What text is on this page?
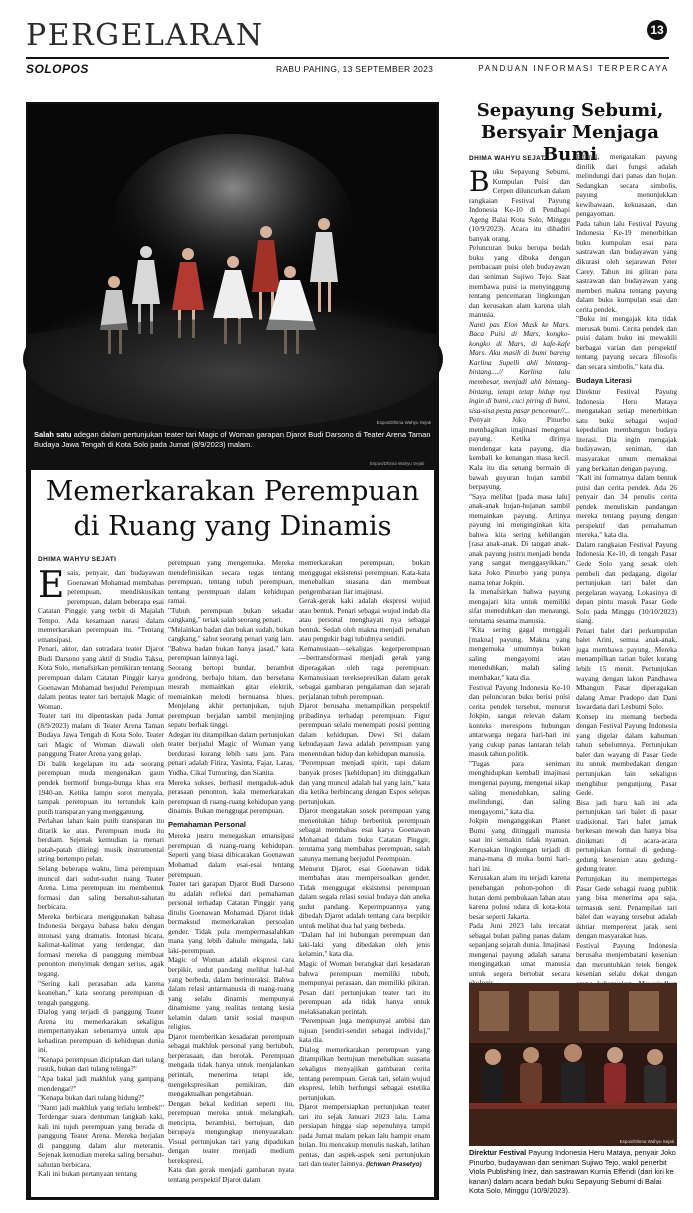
PERGELARAN	13
SOLOPOS	RABU PAHING, 13 SEPTEMBER 2023	PANDUAN INFORMASI TERPERCAYA
Espos/Dhima Wahyu Sejati
Salah satu adegan dalam pertunjukan teater tari Magic of Woman garapan Djarot Budi Darsono di Teater Arena Taman Budaya Jawa Tengah di Kota Solo pada Jumat (8/9/2023) malam.
Espos/Dhima Wahyu Sejati
Memerkarakan Perempuan di Ruang yang Dinamis
DHIMA WAHYU SEJATI

Esais, penyair, dan budayawan Goenawan Mohamad membahas perempuan, mendiskusikan perempuan, dalam beberapa esai Catatan Pinggir yang terbit di Majalah Tempo. Ada kesamaan narasi dalam memerkarakan perempuan itu. "Tentang emansipasi.

Penari, aktor, dan sutradara teater Djarot Budi Darsono yang aktif di Studio Taksu, Kota Solo, menafsirkan pemikiran tentang perempuan dalam Catatan Pinggir karya Goenawan Mohamad berjudul Perempuan dalam pentas teater tari bertajuk Magic of Woman.

Teater tari itu dipentaskan pada Jumat (8/9/2023) malam di Teater Arena Taman Budaya Jawa Tengah di Kota Solo. Teater tari Magic of Woman diawali oleh panggung Teater Arena yang gelap.

Di balik kegelapan itu ada seorang perempuan muda mengenakan gaun pendek bermotif bunga-bunga khas era 1940-an. Ketika lampu sorot menyala, tampak perempuan itu tertunduk kain putih transparan yang menggantung.

Perlahan lahan kain putih transparan itu ditarik ke atas. Perempuan muda itu berdiam. Sejenak kemudian ia menari patah-patah diiringi musik instrumental string bertempo pelan.

Selang beberapa waktu, lima perempuan muncul dari sudut-sudut ruang Teater Arena. Lima perempuan itu membentuk formasi dan saling bersahut-sahutan berbicara.

Mereka berbicara menggunakan bahasa Indonesia bergaya bahasa baku dengan intonasi yang dramatis. Intonasi bicara, kalimat-kalimat yang terdengar, dan formasi mereka di panggung membuat penonton menyimak dengan serius, agak tegang.

"Sering kali perasaban ada karena keanehan," kata seorang perempuan di tengah panggung.

Dialog yang terjadi di panggung Teater Arena itu memerkarakan sekaligus mempertanyakan sebenarnya untuk apa kehadiran perempuan di kehidupan dunia ini.

"Kenapa perempuan diciptakan dari tulang rusuk, bukan dari tulang telinga?"

"Apa bakal jadi makhluk yang gampang mendengar?"

"Kenapa bukan dari tulang hidung?"

"Nanti jadi makhluk yang terlalu lembek!" Terdengar suara dentuman langkah kaki, kali ini tujuh perempuan yang berada di panggung Teater Arena. Mereka berjalan di panggung dalam alur meteranis. Sejenak kemudian mereka saling bersahut-sahutan berbicara.

Kali ini bukan pertanyaan tentang

perempuan yang mengemuka. Mereka mendefinisikan secara tegas tentang perempuan, tentang tubuh perempuan, tentang perempuan dalam kehidupan ramai.

"Tubuh perempuan bukan sekadar cangkang," teriak salah seorang penari.

"Melainkan badan dan bukan sudah, bukan cangkang," sahut seorang penari yang lain.

"Bahwa badan bukan hanya jasad," kata perempuan lainnya lagi.

Seorang bertopi bundar, berambut gondrong, berbaju hitam, dan berselana mesrah memainkan gitar elektrik, memainkan melodi bernuansa blues. Menjelang akhir pertunjukan, tujuh perempuan berjalan sambil menjinjing sepatu berhak tinggi.

Adegan itu ditampilkan dalam pertunjukan teater berjudul Magic of Woman yang berdurasi kurang lebih satu jam. Para penari adalah Fitira, Yasinta, Fajar, Laras, Yudha, Cikal Tumuring, dan Sianita.

Mereka sukses, berhasil mengaduk-aduk perasaan penonton, kala memerkarakan perempuan di ruang-ruang kehidupan yang dinamis. Bukan menggugat perempuan.

Pemahaman Personal

Mereka justru menegaskan emansipasi perempuan di ruang-ruang kehidupan. Seperti yang biasa dibicarakan Goenawan Mohamad dalam esai-esai tentang perempuan.

Teater tari garapan Djarot Budi Darsono itu adalah refleksi dari pemahaman personal terhadap Catatan Pinggir yang ditulis Goenawan Mohamad. Djarot tidak bermaksud memerkarakan persoalan gender. Tidak pula mempermasalahkan mana yang lebih dahulu mengada, laki laki-perempuan.

Magic of Woman adalah ekspresi cara berpikir, sudut pandang melihat hal-hal yang berbeda, dalam berinteraksi. Bahwa dalam relasi antarmanusia di ruang-ruang yang selalu dinamis mempunyai dinamisme yang realitas tentang kesia kelamin dalam tatsir sosial maupun religius.

Djarot memberikan kesadaran perempuan sebagai makhluk personal yang bertubuh, berperasaan, dan berotak. Perempuan mengada tidak hanya untuk menjalankan perintah, menerima tetapi ide, mengekspresikan pemikiran, dan mengaktualkan pengetahuan.

Dengan bekal kedirian seperti itu, perempuan mereka untuk melangkah, mencipta, berambisi, bertujuan, dan berupaya mengungkap menyuarakan. Visual pertunjukan tari yang dipadukan dengan teater menjadi medium berekspresi.

Kata dan gerak menjadi gambaran nyata tentang perspektif Djarot dalam

memerkarakan perempuan, bukan menggugat eksistensi perempuan. Kata-kata menebalkan suasana dan membuat pengembaraan liar imajinasi.

Gerak-gerak kaki adalah ekspresi wujud atau bentuk. Penari sebagai wujud indah dia atau personal menghayati nya sebagai bentuk. Sedah oleh makna menjadi penahan atau pengukir bagi tubuhnya sendiri.

Kemanusiaan—sekaligas kegerperempuan—bertransformasi menjadi gerak yang diperagakan oleh raga perempuan. Kemanusiaan tereksepresikan dalam gerak sebagai gambaran pengalaman dan sejarah perjalanan tubuh perempuan.

Djarot berusaha menampilkan perspektif pribadinya terhadap perempuan. Figur perempuan selalu menempati posisi penting dalam kehidupan. Dewi Sri dalam kebudayaan Jawa adalah perempuan yang menentukan hidup dan kehidupan manusia.

"Perempuan menjadi spirit, tapi dalam banyak proses [kehidupan] itu ditinggalkan dan yang muncul adalah hal yang lain," kata dia ketika berbincang dengan Espos selepas pertunjukan.

Djarot mengatakan sosok perempuan yang menentukan hidup berbentuk perempuan sebagai membahas esai karya Goenawan Mohamad dalam buku Catatan Pinggir, terutama yang membahas perempuan, salah satunya memang berjudul Perempuan.

Menurut Djarot, esai Goenawan tidak membahas atau mempersoalkan gender. Tidak menggugat eksistensi perempuan dalam segala relasi sosial budaya dan aneka sudut pandang. Kepermpuannya yang dibedah Djarot adalah tentang cara berpikir untuk melihat dua hal yang berbeda.

"Dalam hal ini hubungan perempuan dan laki-laki yang dibedakan oleh jenis kelamin," kata dia.

Magic of Woman berangkat dari kesadaran bahwa perempuan memiliki tubuh, mempunyai perasaan, dan memiliki pikiran. Pesan dari pertunjukan teater tari itu perempuan ada tidak hanya untuk melaksanakan perintah.

"Perempuan juga mempunyai ambisi dan tujuan [sendiri-sendiri sebagai individu]," kata dia.

Dialog memerkarakan perempuan yang ditampilkan bertujuan menebalkan suasana sekaligus menyajikan gambaran cerita tentang perempuan. Gerak tari, selain wujud ekspresi, lebih berfungsi sebagai estetika pertunjukan.

Djarot mempersiapkan pertunjukan teater tari itu sejak Januari 2023 lalu. Lama persiapan hingga siap sepenuhnya tampil pada Jumat malam pekan lalu hampir enam bulan. Itu mencakup menulis naskah, latihan pentas, dan aspek-aspek seni pertunjukan tari dan teater lainnya. (Ichwan Prasetyo)

Sepayung Sebumi, Bersyair Menjaga Bumi
DHIMA WAHYU SEJATI

Buku Sepayung Sebumi, Kumpulan Puisi dan Cerpen diluncurkan dalam rangkaian Festival Payung Indonesia Ke-10 di Pendhapi Ageng Balai Kota Solo, Minggu (10/9/2023). Acara itu dihadiri banyak orang.

Peluncuran buku berupa bedah buku yang dibuka dengan pembacaan puisi oleh budayawan dan seniman Sujiwo Tejo. Saat membawa puisi ia menyinggung tentang pencemaran lingkungan dan kerusakan alam karena ulah manusia.

Nanti pas Elon Musk ke Mars. Baca Puisi di Mars, kongko-kongko di Mars, di kafe-kafe Mars. Aku masih di bumi bareng Karlina Supelli ahli bintang-bintang....// Karlina lalu membesar, menjadi ahli bintang-bintang, tetapi tetap hidup nya ingin di bumi, cuci piring di bumi, sisa-sisa pesta pasar pencemar//...

Penyair Joko Pinurbo membagikan imajinasi mengenai payung. Ketika dirinya mendengar kata payung, dia kembali ke kenangan masa kecil. Kala itu dia senang bermain di bawah guyuran hujan sambil berpayung.

"Saya melihat [pada masa lalu] anak-anak hujan-hujanan sambil memainkan payung. Artinya payung ini menginginkan kita bahwa kita sering kehilangan [rasa anak-anak. Di tangan anak-anak payung justru menjadi benda yang sangat menggasyikkan," kata Joko Pinurbo yang punya nama tenar Jokpin.

Ia menafsirkan bahwa payung mengajari kita untuk memiliki sifat meneduhkan dan menaungi, terutama sesama manusia.

"Kita sering gagal menggali [makna] payung. Makna yang mengemuka umumnya bukan saling mengayomi atau meneduhkan, malah saling membakar," kata dia.

Festival Payung Indonesia Ke-10 dan peluncuran buku berisi puisi cerita pendek tersebut, menurut Jokpin, sangat relevan dalam konteks merespons hubungan antarwarga negara hari-hari ini yang cukup panas lantaran telah masuk tahun politik.

"Tugas para seniman menghidupkan kembali imajinasi mengenai payung, mengenai sikap saling meneduhkan, saling melindungi, dan saling mengayomi," kata dia.

Jokpin menganggukan Planet Bumi yang ditinggali manusia saat ini semakin tidak nyaman. Kerusakan lingkungan terjadi di mana-mana di muka bumi hari-hari ini.

Kerusakan alam itu terjadi karena penebangan pohon-pohon di hutan demi pembukaan lahan atau karena polusi udara di kota-kota besar seperti Jakarta.

Pada Juni 2023 lalu tercatat sebagai bulan paling panas dalam sepanjang sejarah dunia. Imajinasi mengenai payung adalah sarana mengingatkan umat manusia untuk segera bertobat secara

Effendi, mengatakan payung dinilik dari fungsi adalah melindungi dari panas dan hujan. Sedangkan secara simbolis, payung menunjukkan kewibawaan, kekuasaan, dan pengayoman.

Pada tahun lalu Festival Payung Indonesia Ke-19 menerbitkan buku kumpulan esai para sastrawan dan budayawan yang dikurasi oleh sejarawan Peter Carey. Tahun ini giliran para sastrawan dan budayawan yang memberi makna tentang payung dalam buku kumpulan esai dan cerita pendek.

"Buku ini mengajak kita tidak merusak bumi. Cerita pendek dan puisi dalam buku ini mewakili berbagai varian dan perspektif tentang payung secara filosofis dan secara simbolis," kata dia.

Budaya Literasi

Direktur Festival Payung Indonesia Heru Mataya mengatakan setiap menerbitkan satu buku sebagai wujud kepedulian membangun budaya literasi. Dia ingin mengajak budayawan, seniman, dan masyarakat umum memaknai yang berkaitan dengan payung.

"Kali ini formatnya dalam bentuk puisi dan cerita pendek. Ada 26 penyair dan 34 penulis cerita pendek menuliskan pandangan mereka tentang payung dengan perspektif dan pemahaman mereka," kata dia.

Dalam rangkaian Festival Payung Indonesia Ke-10, di tengah Pasar Gede Solo yang sesak oleh pembeli dan pedagang, digelar pertunjukan tari balet dan pergelaran wayang. Lokasinya di depan pintu masuk Pasar Gede Solo pada Minggu (10/10/2023) siang.

Penari balet dari perkumpulan balet Arini, semua anak-anak, juga membawa payung. Mereka menampilkan tarian balet kurang lebih 15 menit. Pertunjukan wayang dengan lakon Pandhawa Mbangun Pasar diperagakan dalang Amar Pradopo dan Dani Iswardana dari Lesbumi Solo.

Konsep itu memang berbeda dengan Festival Payung Indonesia yang digelar dalam kahuman tahun sebelumnya. Pertunjukan balet dan wayang di Pasar Gede itu untuk membedakan dengan pertunjukan lain sekaligus menghibur pengunjung Pasar Gede.

Bisa jadi baru kali ini ada pertunjukan tari balet di pasar tradisional. Tari balet jamak berkesan mewah dan hanya bisa dinikmati di acara-acara pertunjukan formal di gedung-gedung kesenian atau gedung-gedung teater.

Pertunjukan itu mempertegas Pasar Gede sebagai ruang publik yang bisa menerima apa saja, termasuk seni. Penampilan tari balet dan wayang tersebut adalah ikhtiar mempererat jarak seni dengan masyarakat luas.

Festival Payung Indonesia berusaha menjembatani kesenian dan meruntuhkan tetek bengek kesenian selalu dekat dengan

Espos/Dhima Wahyu Sejati
Direktur Festival Payung Indonesia Heru Mataya, penyair Joko Pinurbo, budayawan dan seniman Sujiwo Tejo, wakil penerbit Viola Publishing Inez, dan sastrawan Kurnia Effendi (dari kiri ke kanan) dalam acara bedah buku Sepayung Sebumi di Balai Kota Solo, Minggu (10/9/2023).
